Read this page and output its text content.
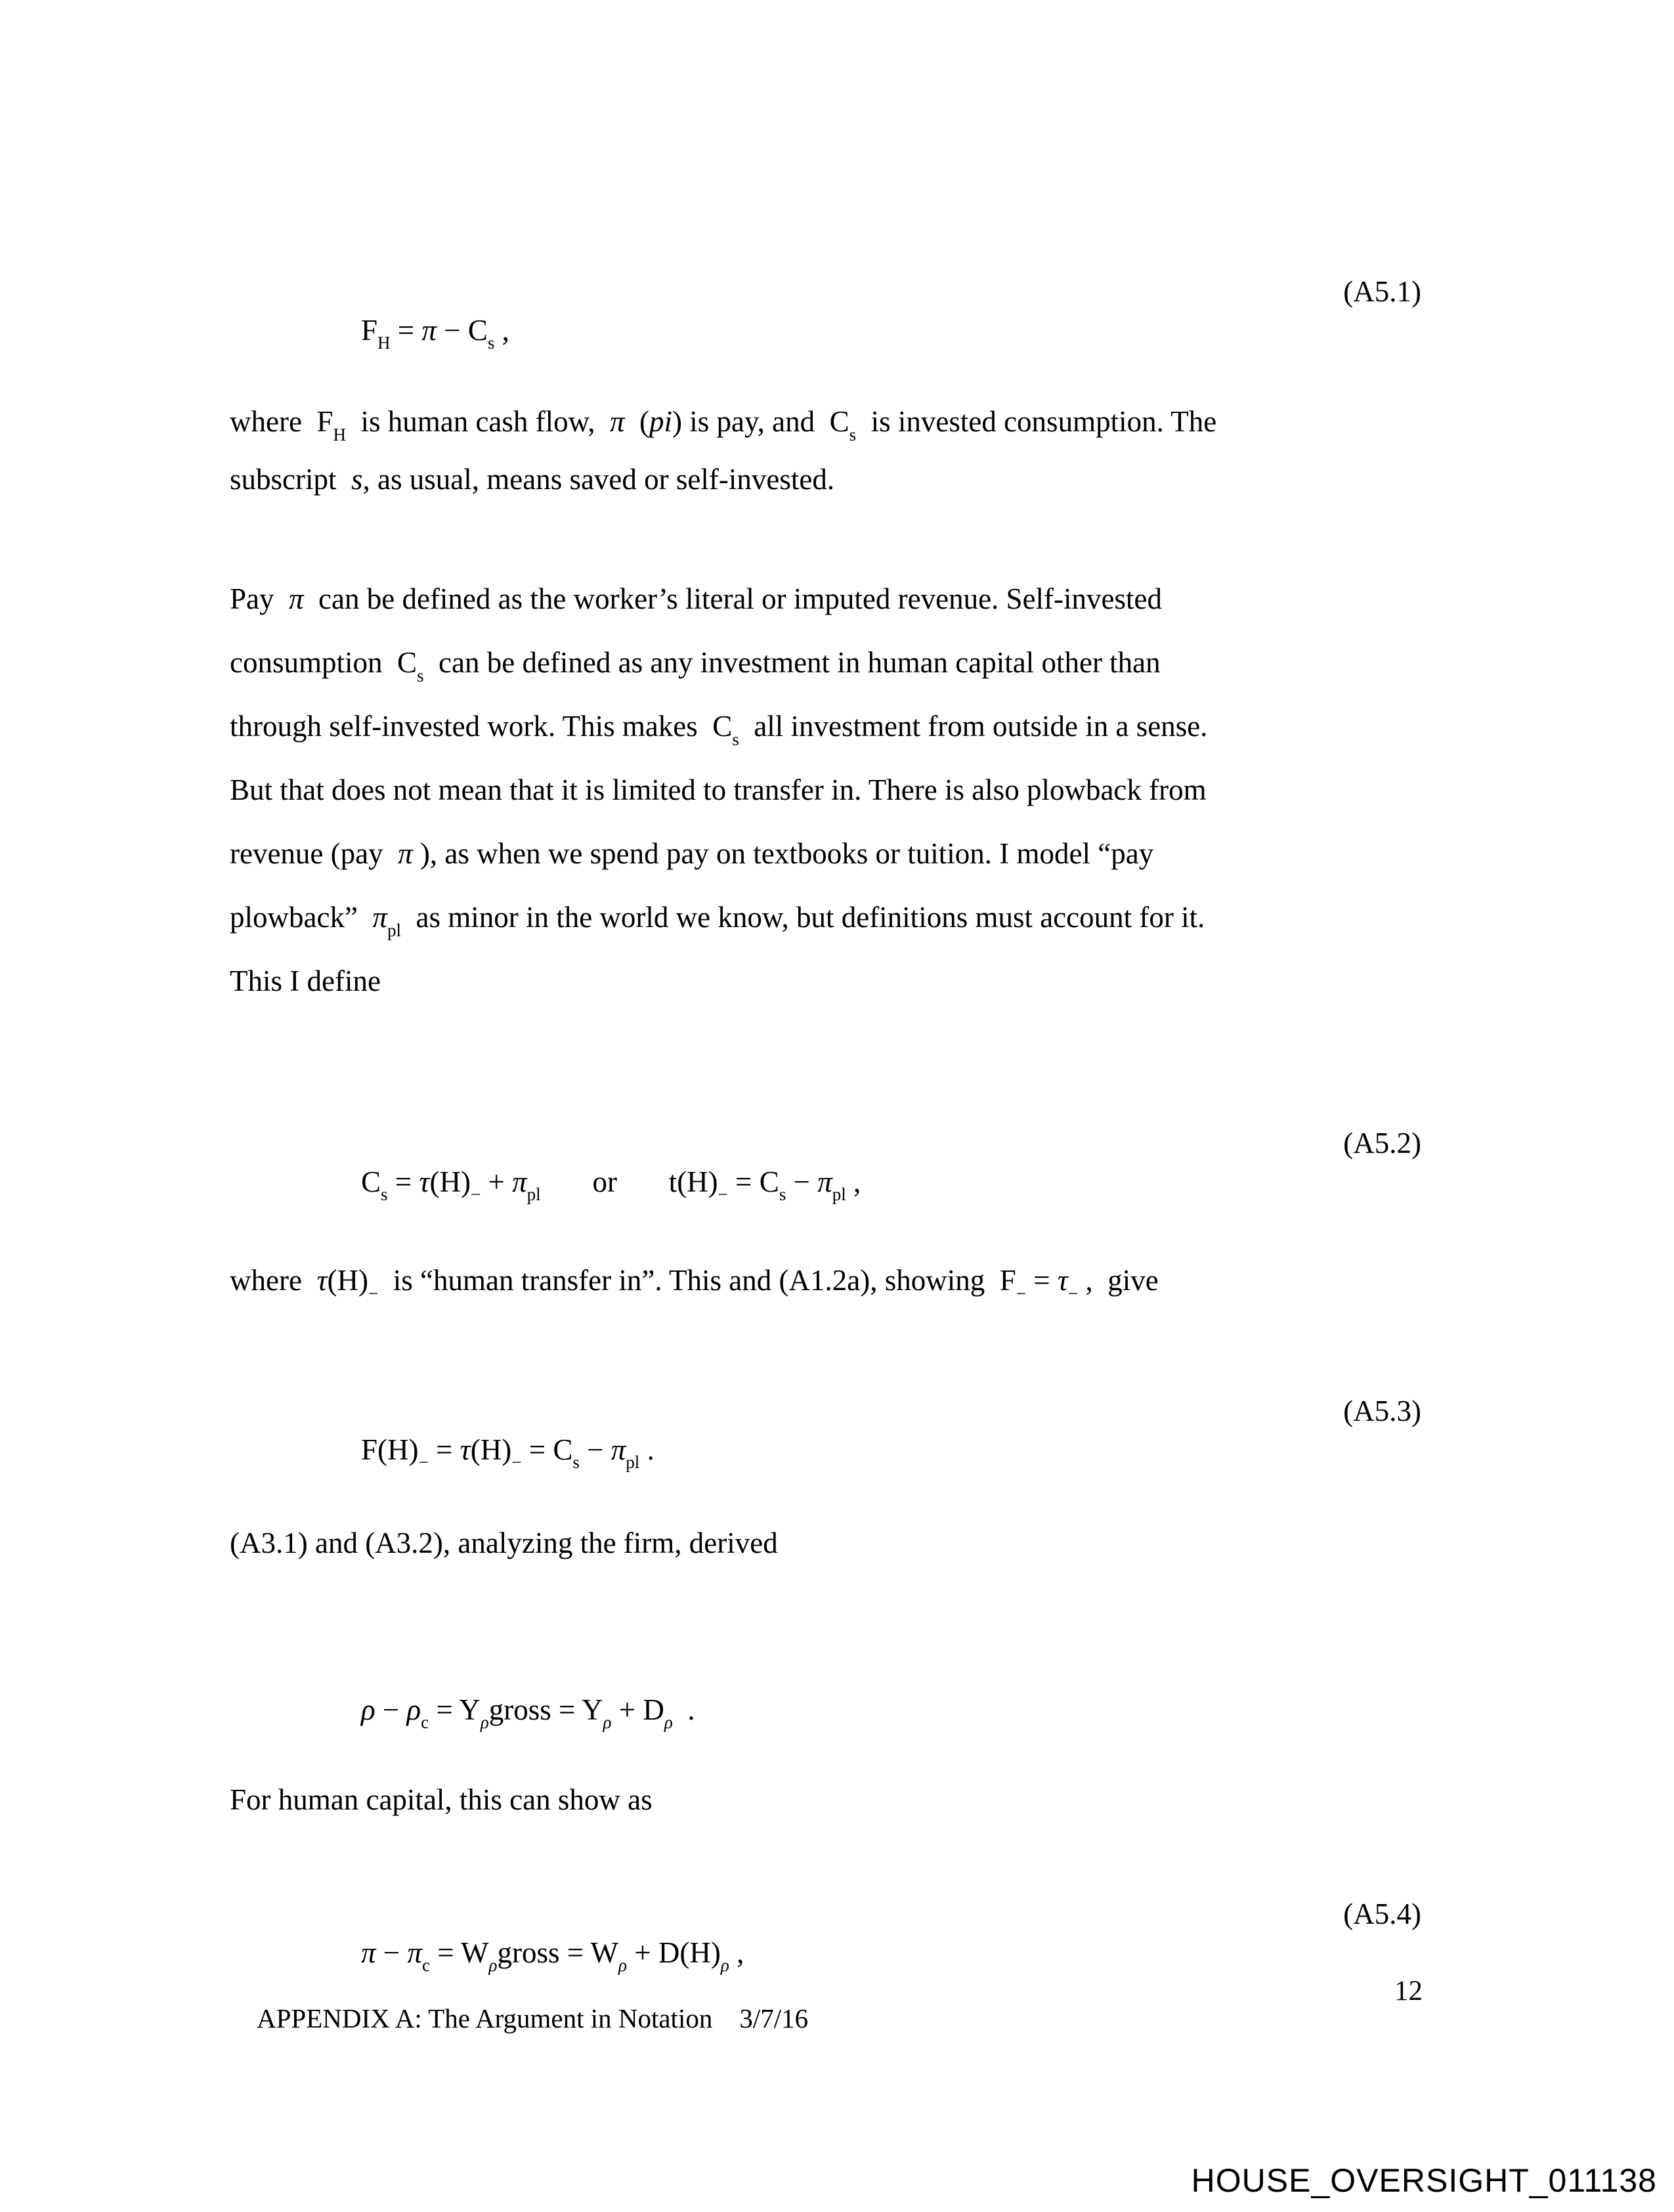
$F_H = \pi - C_s$ ,

(A5.1)

where  $F_H$  is human cash flow,  π  (pi) is pay, and  $C_s$  is invested consumption. The
subscript  s, as usual, means saved or self-invested.
Pay  π  can be defined as the worker’s literal or imputed revenue. Self-invested
consumption  $C_s$  can be defined as any investment in human capital other than
through self-invested work. This makes  $C_s$  all investment from outside in a sense.
But that does not mean that it is limited to transfer in. There is also plowback from
revenue (pay  π ), as when we spend pay on textbooks or tuition. I model “pay
plowback”  $\pi_{pl}$  as minor in the world we know, but definitions must account for it.
This I define

$C_s = \tau(H)_- + \pi_{pl}$       or       $t(H)_- = C_s - \pi_{pl}$ ,

(A5.2)

where  $\tau(H)_-$  is “human transfer in”. This and (A1.2a), showing  $F_- = \tau_-$ ,  give

$F(H)_- = \tau(H)_- = C_s - \pi_{pl}$ .

(A5.3)

(A3.1) and (A3.2), analyzing the firm, derived

$\rho - \rho_c$ = $Y_\rho gross = Y_\rho + D_\rho$  .

For human capital, this can show as

$\pi - \pi_c$ = $W_\rho gross = W_\rho + D(H)_\rho$ ,

(A5.4)

APPENDIX A: The Argument in Notation    3/7/16

12

HOUSE_OVERSIGHT_011138
